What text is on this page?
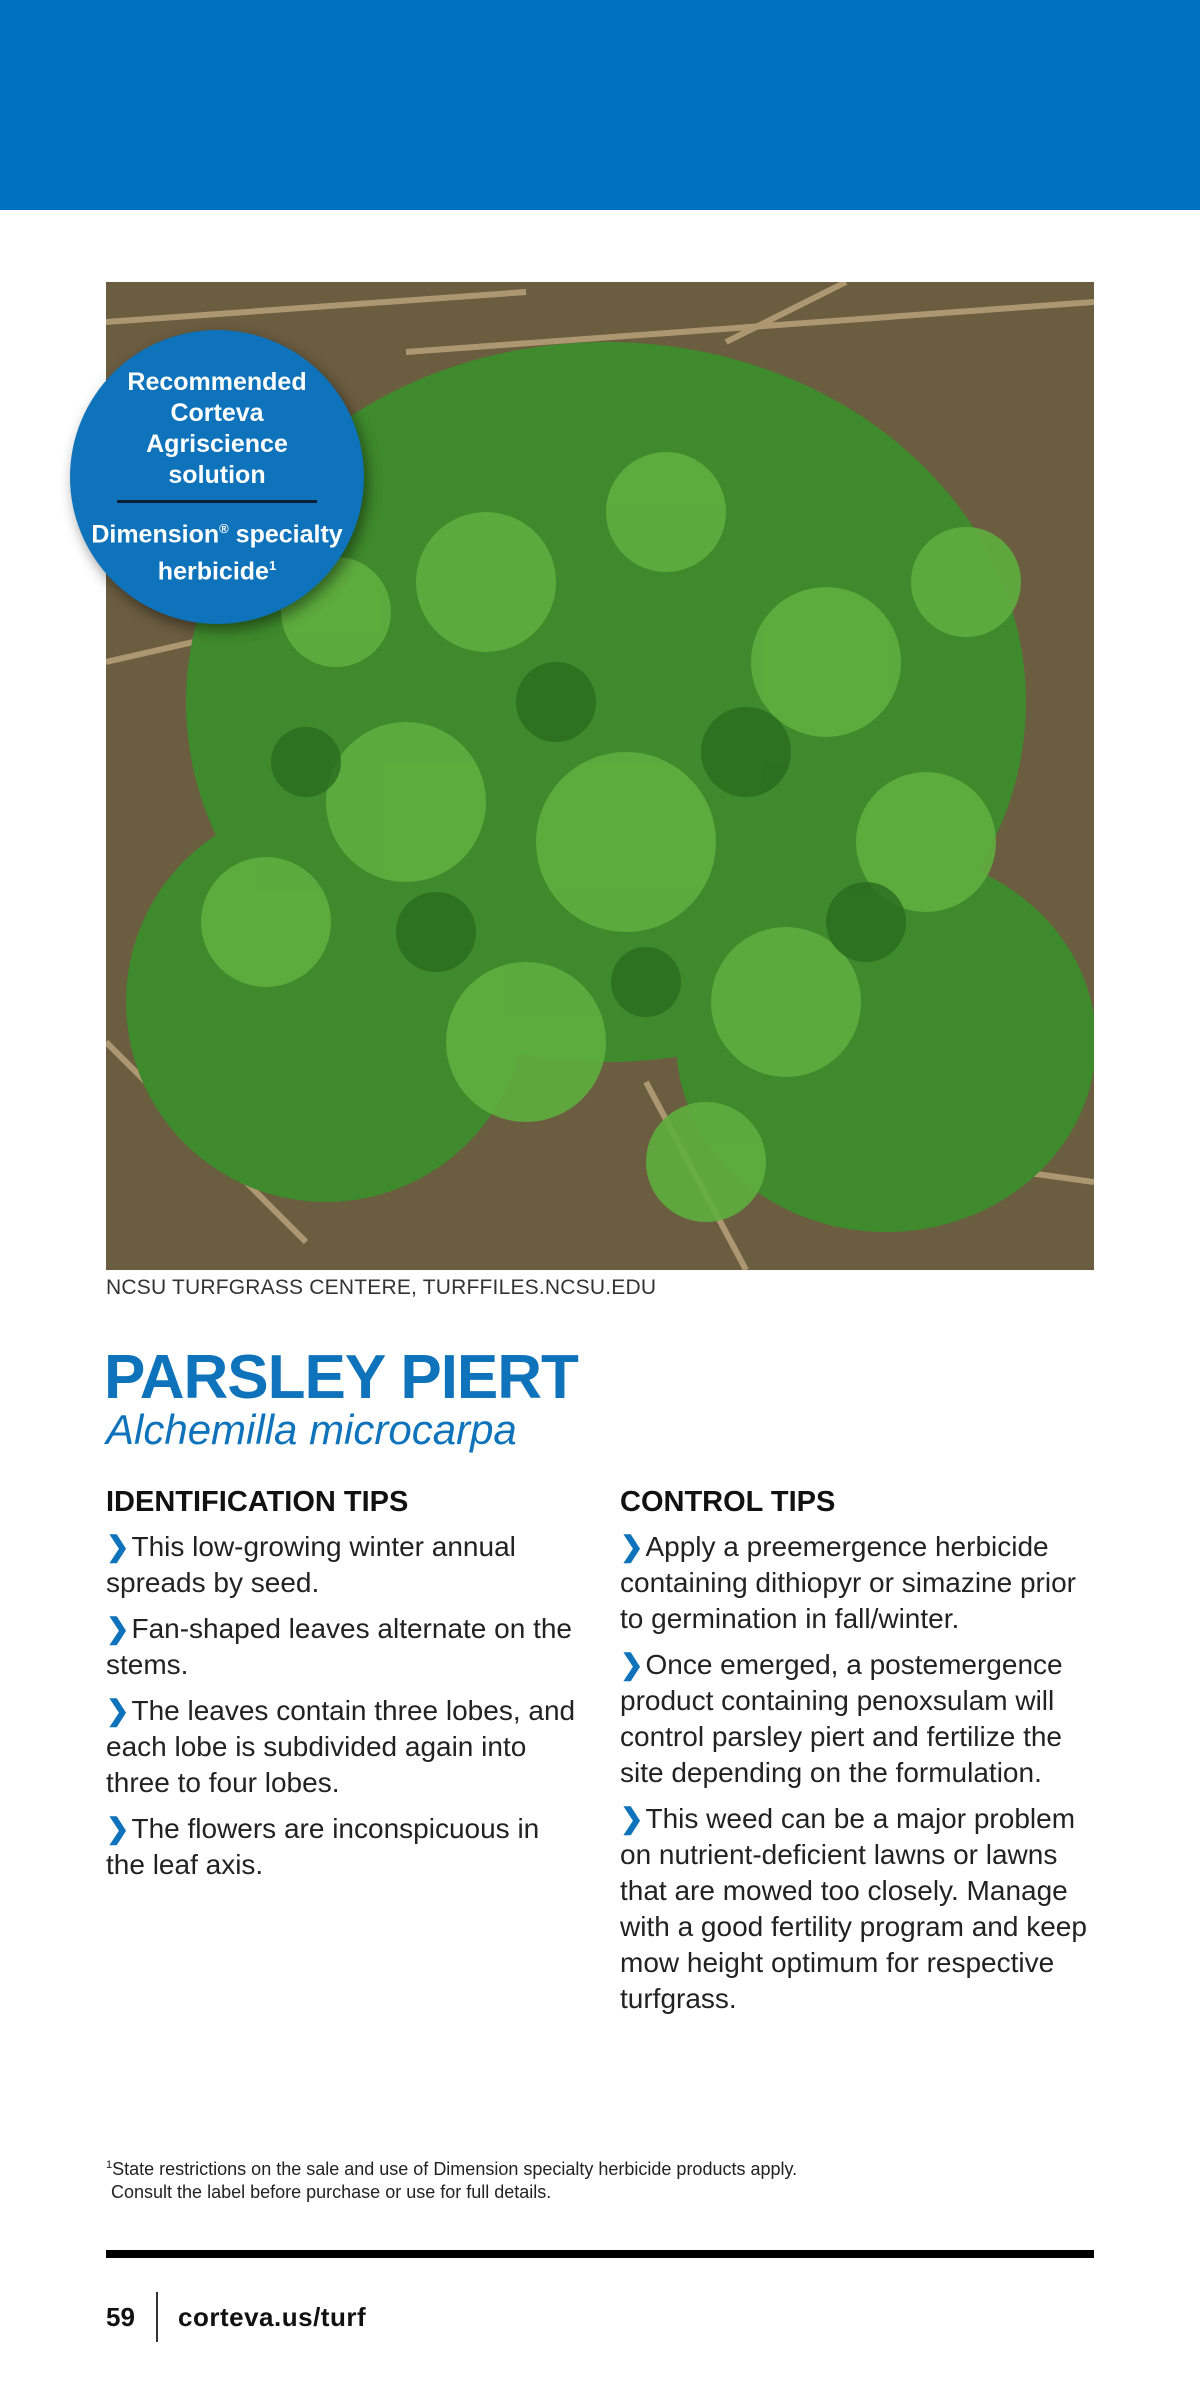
Recommended Corteva Agriscience solution
Dimension® specialty herbicide$^1$
NCSU TURFGRASS CENTERE, TURFFILES.NCSU.EDU
PARSLEY PIERT
Alchemilla microcarpa
IDENTIFICATION TIPS
❯This low-growing winter annual spreads by seed.
❯Fan-shaped leaves alternate on the stems.
❯The leaves contain three lobes, and each lobe is subdivided again into three to four lobes.
❯The flowers are inconspicuous in the leaf axis.
CONTROL TIPS
❯Apply a preemergence herbicide containing dithiopyr or simazine prior to germination in fall/winter.
❯Once emerged, a postemergence product containing penoxsulam will control parsley piert and fertilize the site depending on the formulation.
❯This weed can be a major problem on nutrient-deficient lawns or lawns that are mowed too closely. Manage with a good fertility program and keep mow height optimum for respective turfgrass.
$^1$State restrictions on the sale and use of Dimension specialty herbicide products apply.
Consult the label before purchase or use for full details.
59 corteva.us/turf
